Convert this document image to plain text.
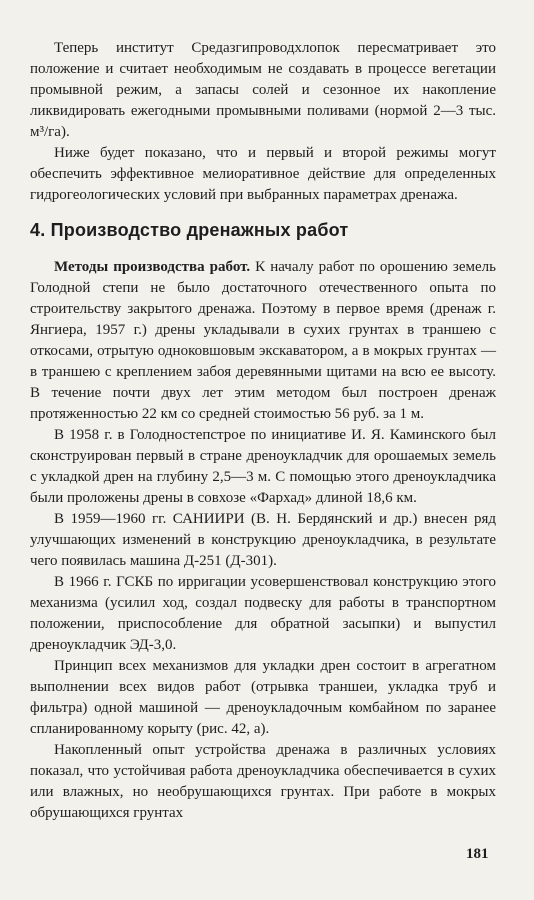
Теперь институт Средазгипроводхлопок пересматривает это положение и считает необходимым не создавать в процессе вегетации промывной режим, а запасы солей и сезонное их накопление ликвидировать ежегодными промывными поливами (нормой 2—3 тыс. м³/га).

Ниже будет показано, что и первый и второй режимы могут обеспечить эффективное мелиоративное действие для определенных гидрогеологических условий при выбранных параметрах дренажа.

4. Производство дренажных работ

Методы производства работ. К началу работ по орошению земель Голодной степи не было достаточного отечественного опыта по строительству закрытого дренажа. Поэтому в первое время (дренаж г. Янгиера, 1957 г.) дрены укладывали в сухих грунтах в траншею с откосами, отрытую одноковшовым экскаватором, а в мокрых грунтах — в траншею с креплением забоя деревянными щитами на всю ее высоту. В течение почти двух лет этим методом был построен дренаж протяженностью 22 км со средней стоимостью 56 руб. за 1 м.

В 1958 г. в Голодностепстрое по инициативе И. Я. Каминского был сконструирован первый в стране дреноукладчик для орошаемых земель с укладкой дрен на глубину 2,5—3 м. С помощью этого дреноукладчика были проложены дрены в совхозе «Фархад» длиной 18,6 км.

В 1959—1960 гг. САНИИРИ (В. Н. Бердянский и др.) внесен ряд улучшающих изменений в конструкцию дреноукладчика, в результате чего появилась машина Д-251 (Д-301).

В 1966 г. ГСКБ по ирригации усовершенствовал конструкцию этого механизма (усилил ход, создал подвеску для работы в транспортном положении, приспособление для обратной засыпки) и выпустил дреноукладчик ЭД-3,0.

Принцип всех механизмов для укладки дрен состоит в агрегатном выполнении всех видов работ (отрывка траншеи, укладка труб и фильтра) одной машиной — дреноукладочным комбайном по заранее спланированному корыту (рис. 42, а).

Накопленный опыт устройства дренажа в различных условиях показал, что устойчивая работа дреноукладчика обеспечивается в сухих или влажных, но необрушающихся грунтах. При работе в мокрых обрушающихся грунтах

181
